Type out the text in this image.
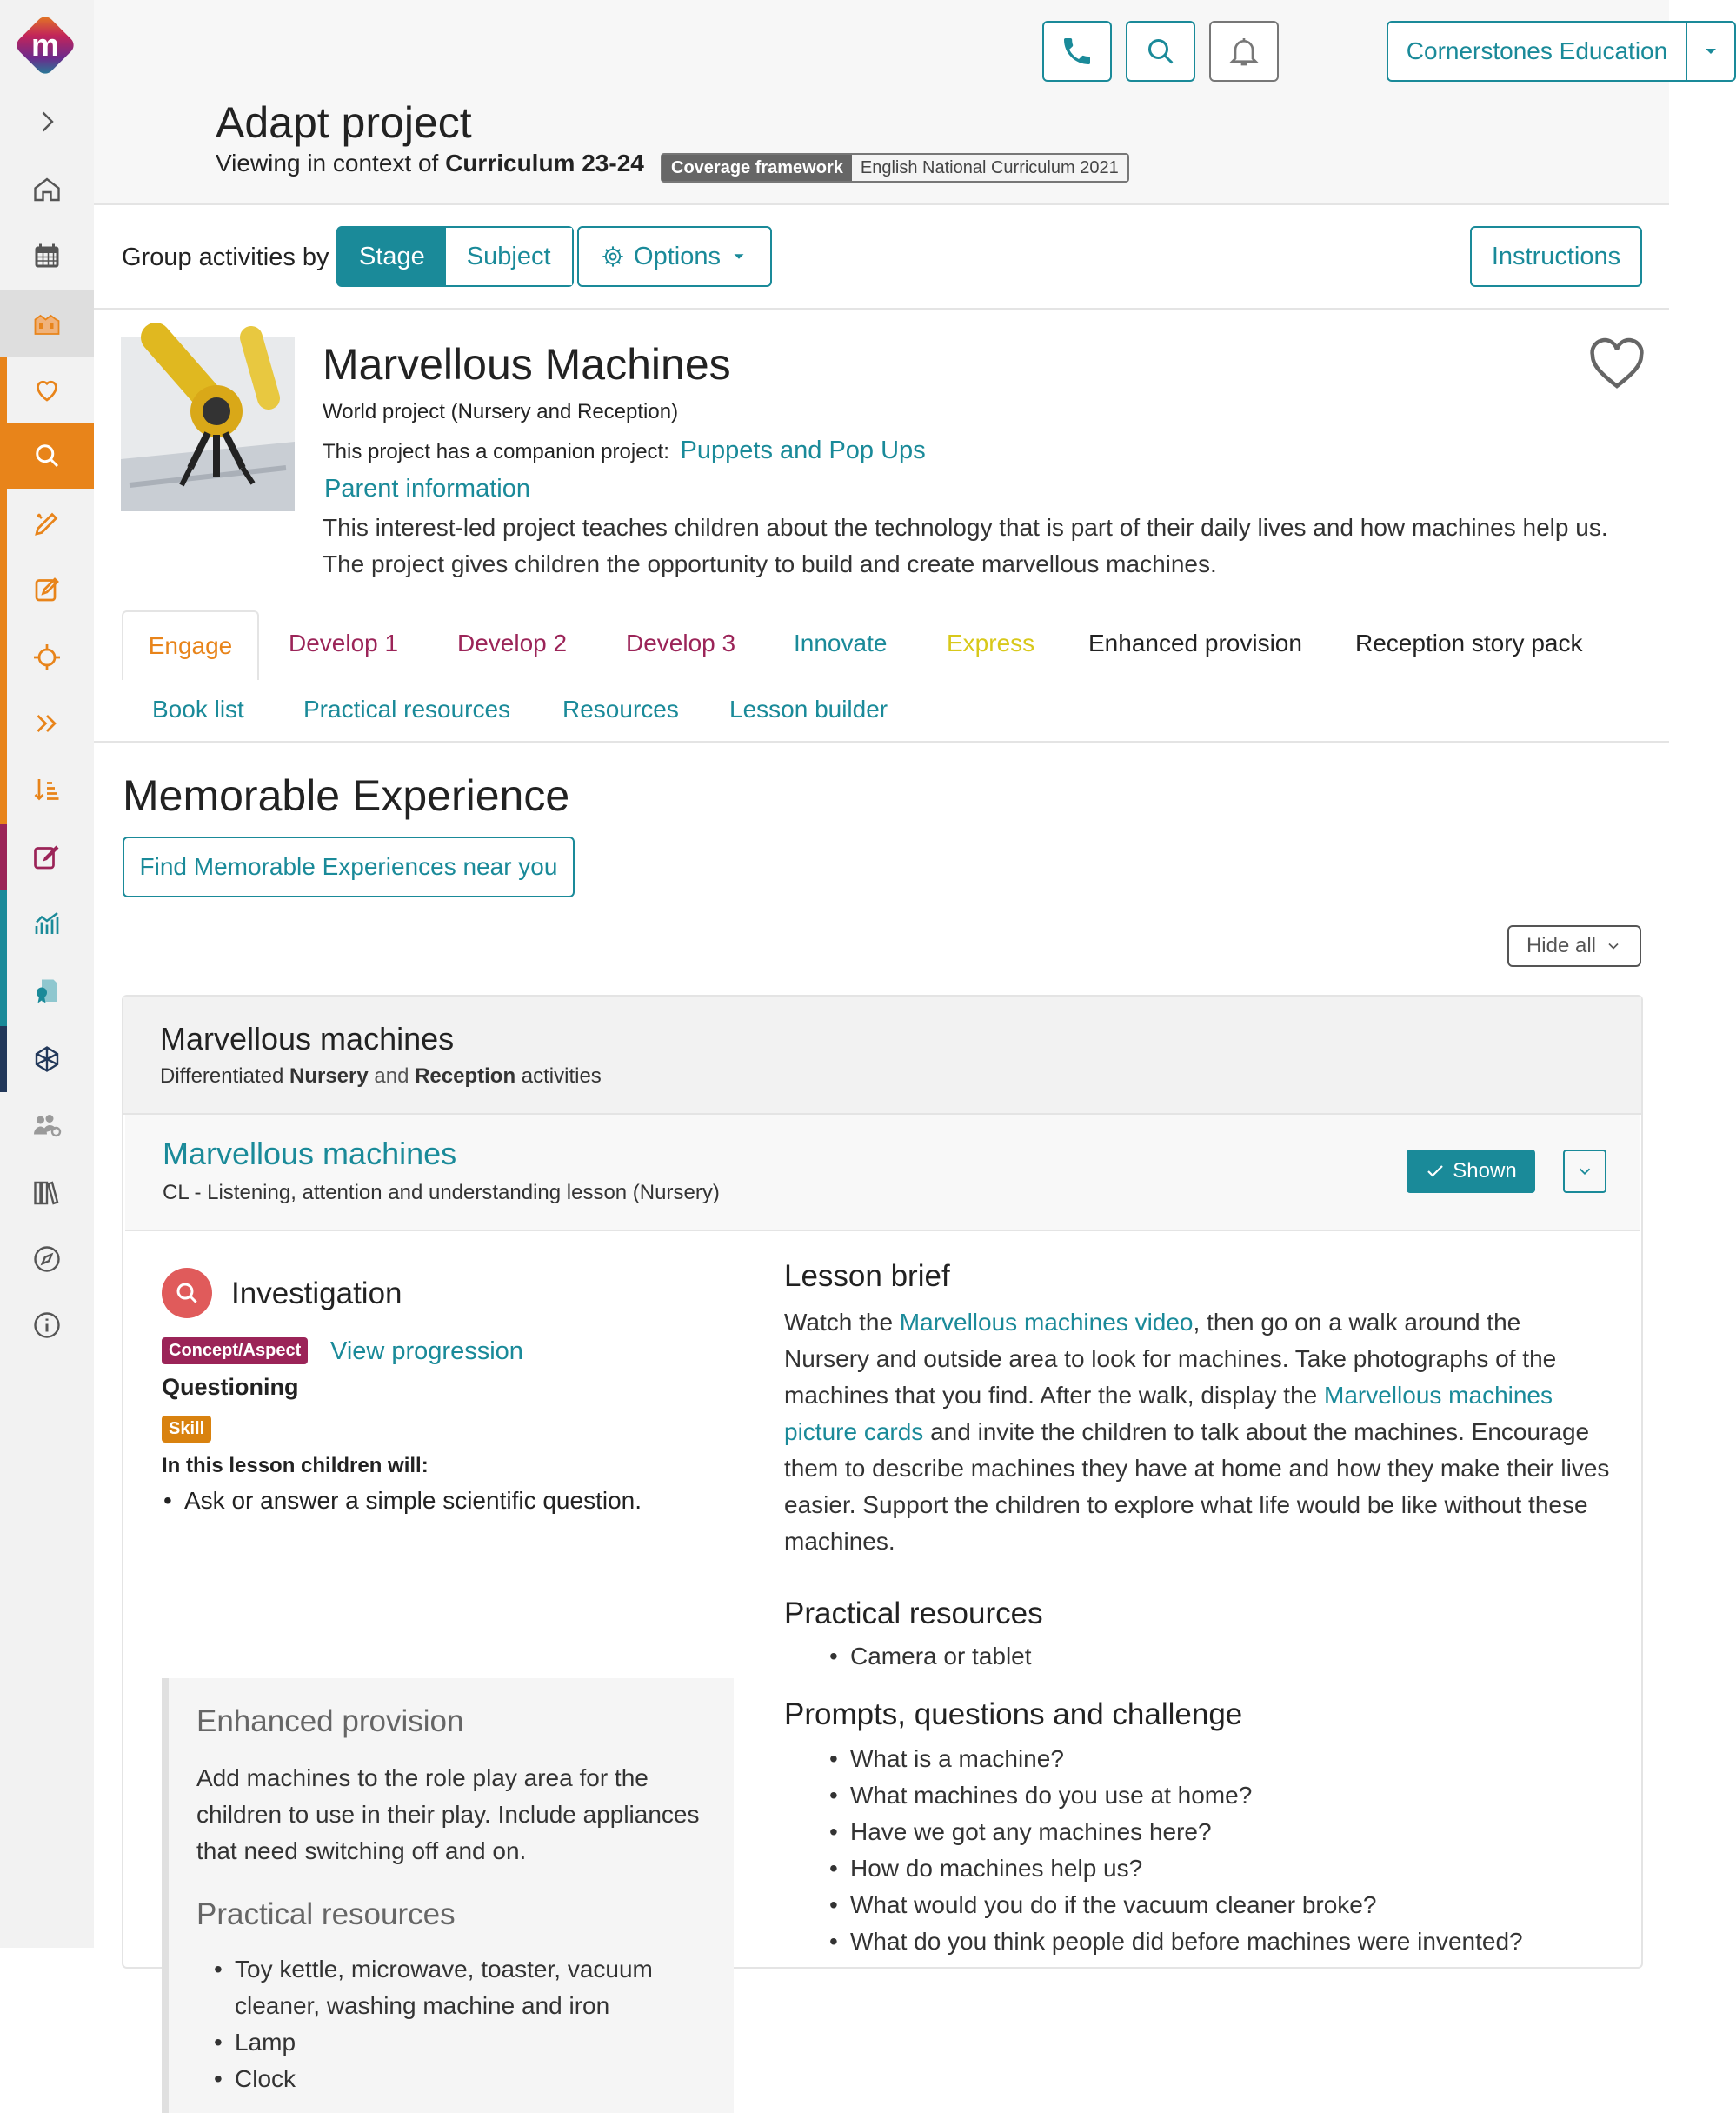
m	Cornerstones Education
Adapt project
Viewing in context of Curriculum 23-24	Coverage framework	English National Curriculum 2021
Group activities by	Stage	Subject	Options	Instructions
Marvellous Machines
World project (Nursery and Reception)
This project has a companion project: Puppets and Pop Ups
Parent information
This interest-led project teaches children about the technology that is part of their daily lives and how machines help us. The project gives children the opportunity to build and create marvellous machines.
Engage Develop 1 Develop 2 Develop 3 Innovate Express Enhanced provision Reception story pack
Book list Practical resources Resources Lesson builder
Memorable Experience
Find Memorable Experiences near you
Hide all
Marvellous machines
Differentiated Nursery and Reception activities
Marvellous machines
CL - Listening, attention and understanding lesson (Nursery)
Shown
Investigation
Concept/Aspect View progression
Questioning
Skill
In this lesson children will:
• Ask or answer a simple scientific question.
Enhanced provision
Add machines to the role play area for the children to use in their play. Include appliances that need switching off and on.
Practical resources
• Toy kettle, microwave, toaster, vacuum cleaner, washing machine and iron
• Lamp
• Clock
Lesson brief
Watch the Marvellous machines video, then go on a walk around the Nursery and outside area to look for machines. Take photographs of the machines that you find. After the walk, display the Marvellous machines picture cards and invite the children to talk about the machines. Encourage them to describe machines they have at home and how they make their lives easier. Support the children to explore what life would be like without these machines.
Practical resources
• Camera or tablet
Prompts, questions and challenge
• What is a machine?
• What machines do you use at home?
• Have we got any machines here?
• How do machines help us?
• What would you do if the vacuum cleaner broke?
• What do you think people did before machines were invented?
